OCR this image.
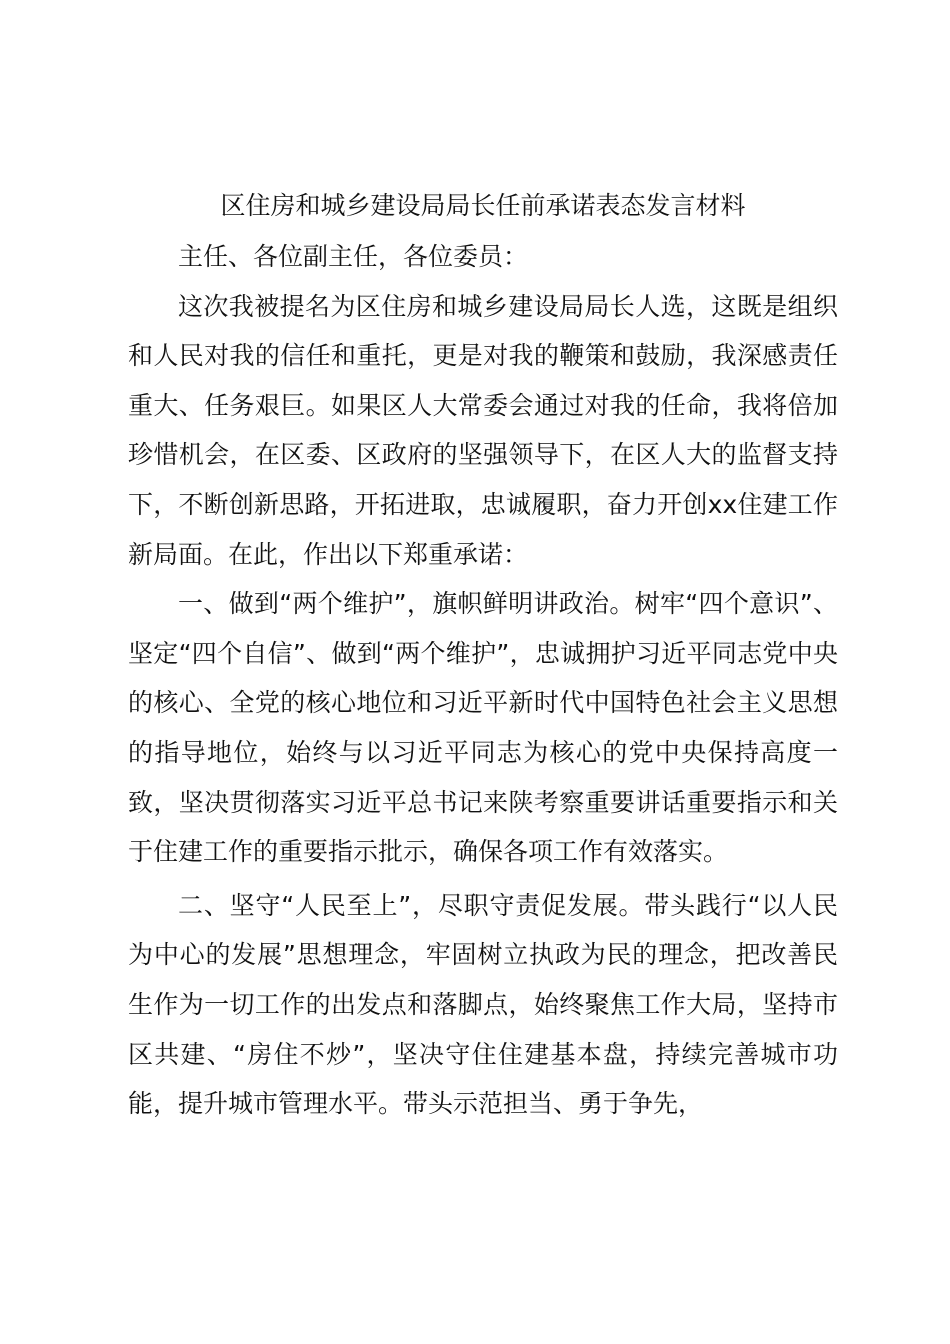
区住房和城乡建设局局长任前承诺表态发言材料

主任、各位副主任，各位委员：

这次我被提名为区住房和城乡建设局局长人选，这既是组织和人民对我的信任和重托，更是对我的鞭策和鼓励，我深感责任重大、任务艰巨。如果区人大常委会通过对我的任命，我将倍加珍惜机会，在区委、区政府的坚强领导下，在区人大的监督支持下，不断创新思路，开拓进取，忠诚履职，奋力开创xx住建工作新局面。在此，作出以下郑重承诺：

一、做到“两个维护”，旗帜鲜明讲政治。树牢“四个意识”、坚定“四个自信”、做到“两个维护”，忠诚拥护习近平同志党中央的核心、全党的核心地位和习近平新时代中国特色社会主义思想的指导地位，始终与以习近平同志为核心的党中央保持高度一致，坚决贯彻落实习近平总书记来陕考察重要讲话重要指示和关于住建工作的重要指示批示，确保各项工作有效落实。

二、坚守“人民至上”，尽职守责促发展。带头践行“以人民为中心的发展”思想理念，牢固树立执政为民的理念，把改善民生作为一切工作的出发点和落脚点，始终聚焦工作大局，坚持市区共建、“房住不炒”，坚决守住住建基本盘，持续完善城市功能，提升城市管理水平。带头示范担当、勇于争先，
